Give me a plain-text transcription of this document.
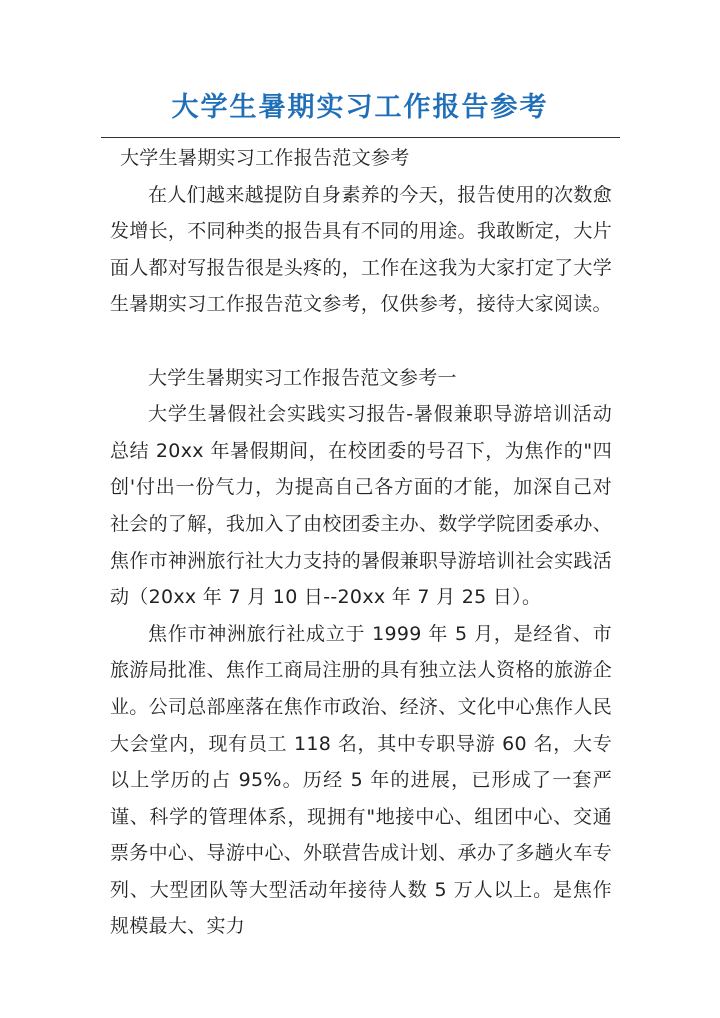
大学生暑期实习工作报告参考

大学生暑期实习工作报告范文参考

在人们越来越提防自身素养的今天，报告使用的次数愈发增长，不同种类的报告具有不同的用途。我敢断定，大片面人都对写报告很是头疼的，工作在这我为大家打定了大学生暑期实习工作报告范文参考，仅供参考，接待大家阅读。

大学生暑期实习工作报告范文参考一

大学生暑假社会实践实习报告-暑假兼职导游培训活动总结 20xx 年暑假期间，在校团委的号召下，为焦作的"四创'付出一份气力，为提高自己各方面的才能，加深自己对社会的了解，我加入了由校团委主办、数学学院团委承办、焦作市神洲旅行社大力支持的暑假兼职导游培训社会实践活动（20xx 年 7 月 10 日--20xx 年 7 月 25 日）。

焦作市神洲旅行社成立于 1999 年 5 月，是经省、市旅游局批准、焦作工商局注册的具有独立法人资格的旅游企业。公司总部座落在焦作市政治、经济、文化中心焦作人民大会堂内，现有员工 118 名，其中专职导游 60 名，大专以上学历的占 95%。历经 5 年的进展，已形成了一套严谨、科学的管理体系，现拥有"地接中心、组团中心、交通票务中心、导游中心、外联营告成计划、承办了多趟火车专列、大型团队等大型活动年接待人数 5 万人以上。是焦作规模最大、实力
